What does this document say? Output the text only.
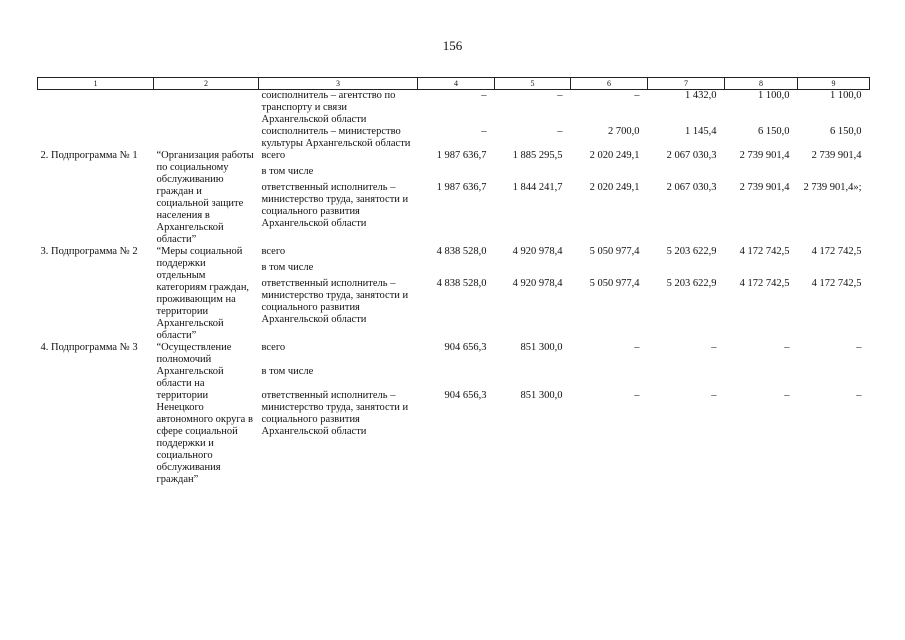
156
1	2	3	4	5	6	7	8	9
		соисполнитель – агентство по транспорту и связи Архангельской области	–	–	–	1 432,0	1 100,0	1 100,0
		соисполнитель – министерство культуры Архангельской области	–	–	2 700,0	1 145,4	6 150,0	6 150,0
2. Подпрограмма № 1	“Организация работы по социальному обслуживанию граждан и социальной защите населения в Архангельской области”	всего	1 987 636,7	1 885 295,5	2 020 249,1	2 067 030,3	2 739 901,4	2 739 901,4
		в том числе						
		ответственный исполнитель – министерство труда, занятости и социального развития Архангельской области	1 987 636,7	1 844 241,7	2 020 249,1	2 067 030,3	2 739 901,4	2 739 901,4»;
3. Подпрограмма № 2	“Меры социальной поддержки отдельным категориям граждан, проживающим на территории Архангельской области”	всего	4 838 528,0	4 920 978,4	5 050 977,4	5 203 622,9	4 172 742,5	4 172 742,5
		в том числе						
		ответственный исполнитель – министерство труда, занятости и социального развития Архангельской области	4 838 528,0	4 920 978,4	5 050 977,4	5 203 622,9	4 172 742,5	4 172 742,5
4. Подпрограмма № 3	“Осуществление полномочий Архангельской области на территории Ненецкого автономного округа в сфере социальной поддержки и социального обслуживания граждан”	всего	904 656,3	851 300,0	–	–	–	–
		в том числе						
		ответственный исполнитель – министерство труда, занятости и социального развития Архангельской области	904 656,3	851 300,0	–	–	–	–
